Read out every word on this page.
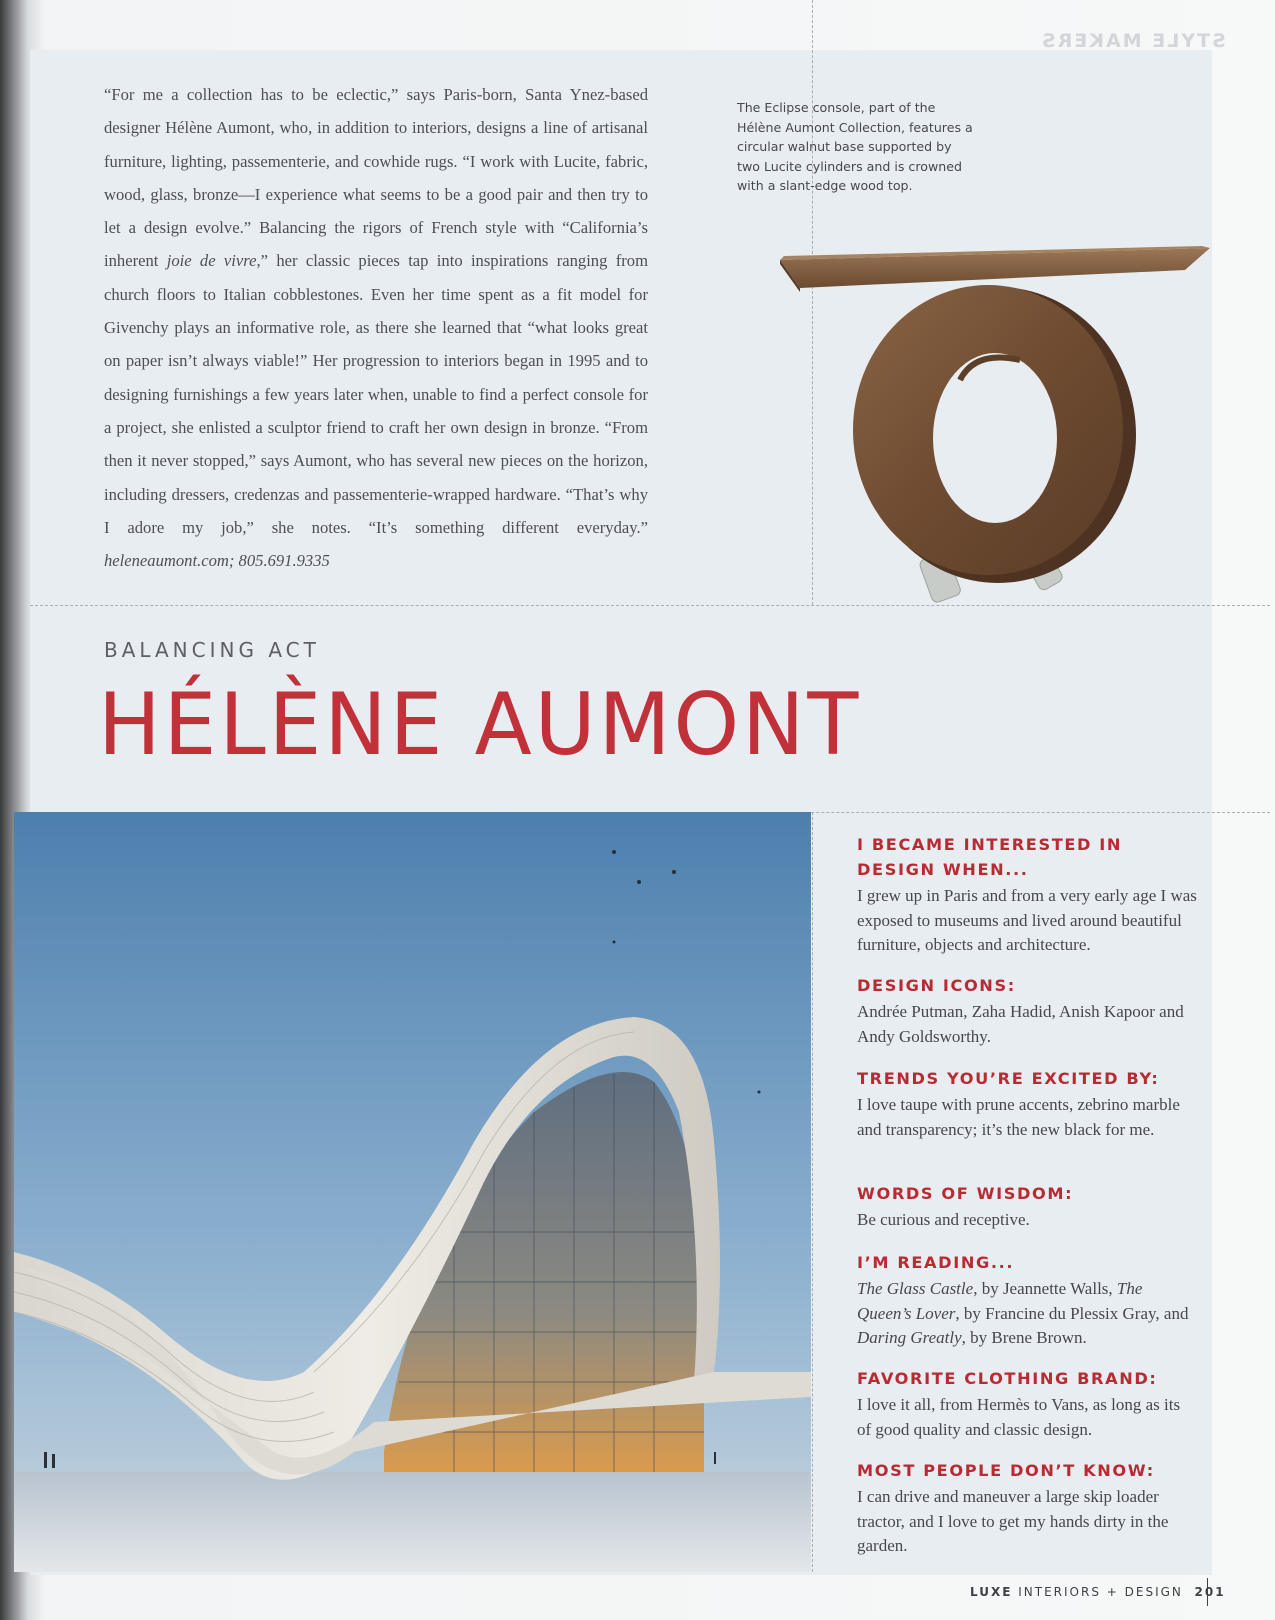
STYLE MAKERS

“For me a collection has to be eclectic,” says Paris-born, Santa Ynez-based designer Hélène Aumont, who, in addition to interiors, designs a line of artisanal furniture, lighting, passementerie, and cowhide rugs. “I work with Lucite, fabric, wood, glass, bronze—I experience what seems to be a good pair and then try to let a design evolve.” Balancing the rigors of French style with “California’s inherent joie de vivre,” her classic pieces tap into inspirations ranging from church floors to Italian cobblestones. Even her time spent as a fit model for Givenchy plays an informative role, as there she learned that “what looks great on paper isn’t always viable!” Her progression to interiors began in 1995 and to designing furnishings a few years later when, unable to find a perfect console for a project, she enlisted a sculptor friend to craft her own design in bronze. “From then it never stopped,” says Aumont, who has several new pieces on the horizon, including dressers, credenzas and passementerie-wrapped hardware. “That’s why I adore my job,” she notes. “It’s something different everyday.” heleneaumont.com; 805.691.9335

The Eclipse console, part of the Hélène Aumont Collection, features a circular walnut base supported by two Lucite cylinders and is crowned with a slant-edge wood top.

BALANCING ACT
HÉLÈNE AUMONT

I BECAME INTERESTED IN DESIGN WHEN...

I grew up in Paris and from a very early age I was exposed to museums and lived around beautiful furniture, objects and architecture.

DESIGN ICONS:

Andrée Putman, Zaha Hadid, Anish Kapoor and Andy Goldsworthy.

TRENDS YOU’RE EXCITED BY:

I love taupe with prune accents, zebrino marble and transparency; it’s the new black for me.

WORDS OF WISDOM:

Be curious and receptive.

I’M READING...

The Glass Castle, by Jeannette Walls, The Queen’s Lover, by Francine du Plessix Gray, and Daring Greatly, by Brene Brown.

FAVORITE CLOTHING BRAND:

I love it all, from Hermès to Vans, as long as its of good quality and classic design.

MOST PEOPLE DON’T KNOW:

I can drive and maneuver a large skip loader tractor, and I love to get my hands dirty in the garden.

LUXE INTERIORS + DESIGN 201
